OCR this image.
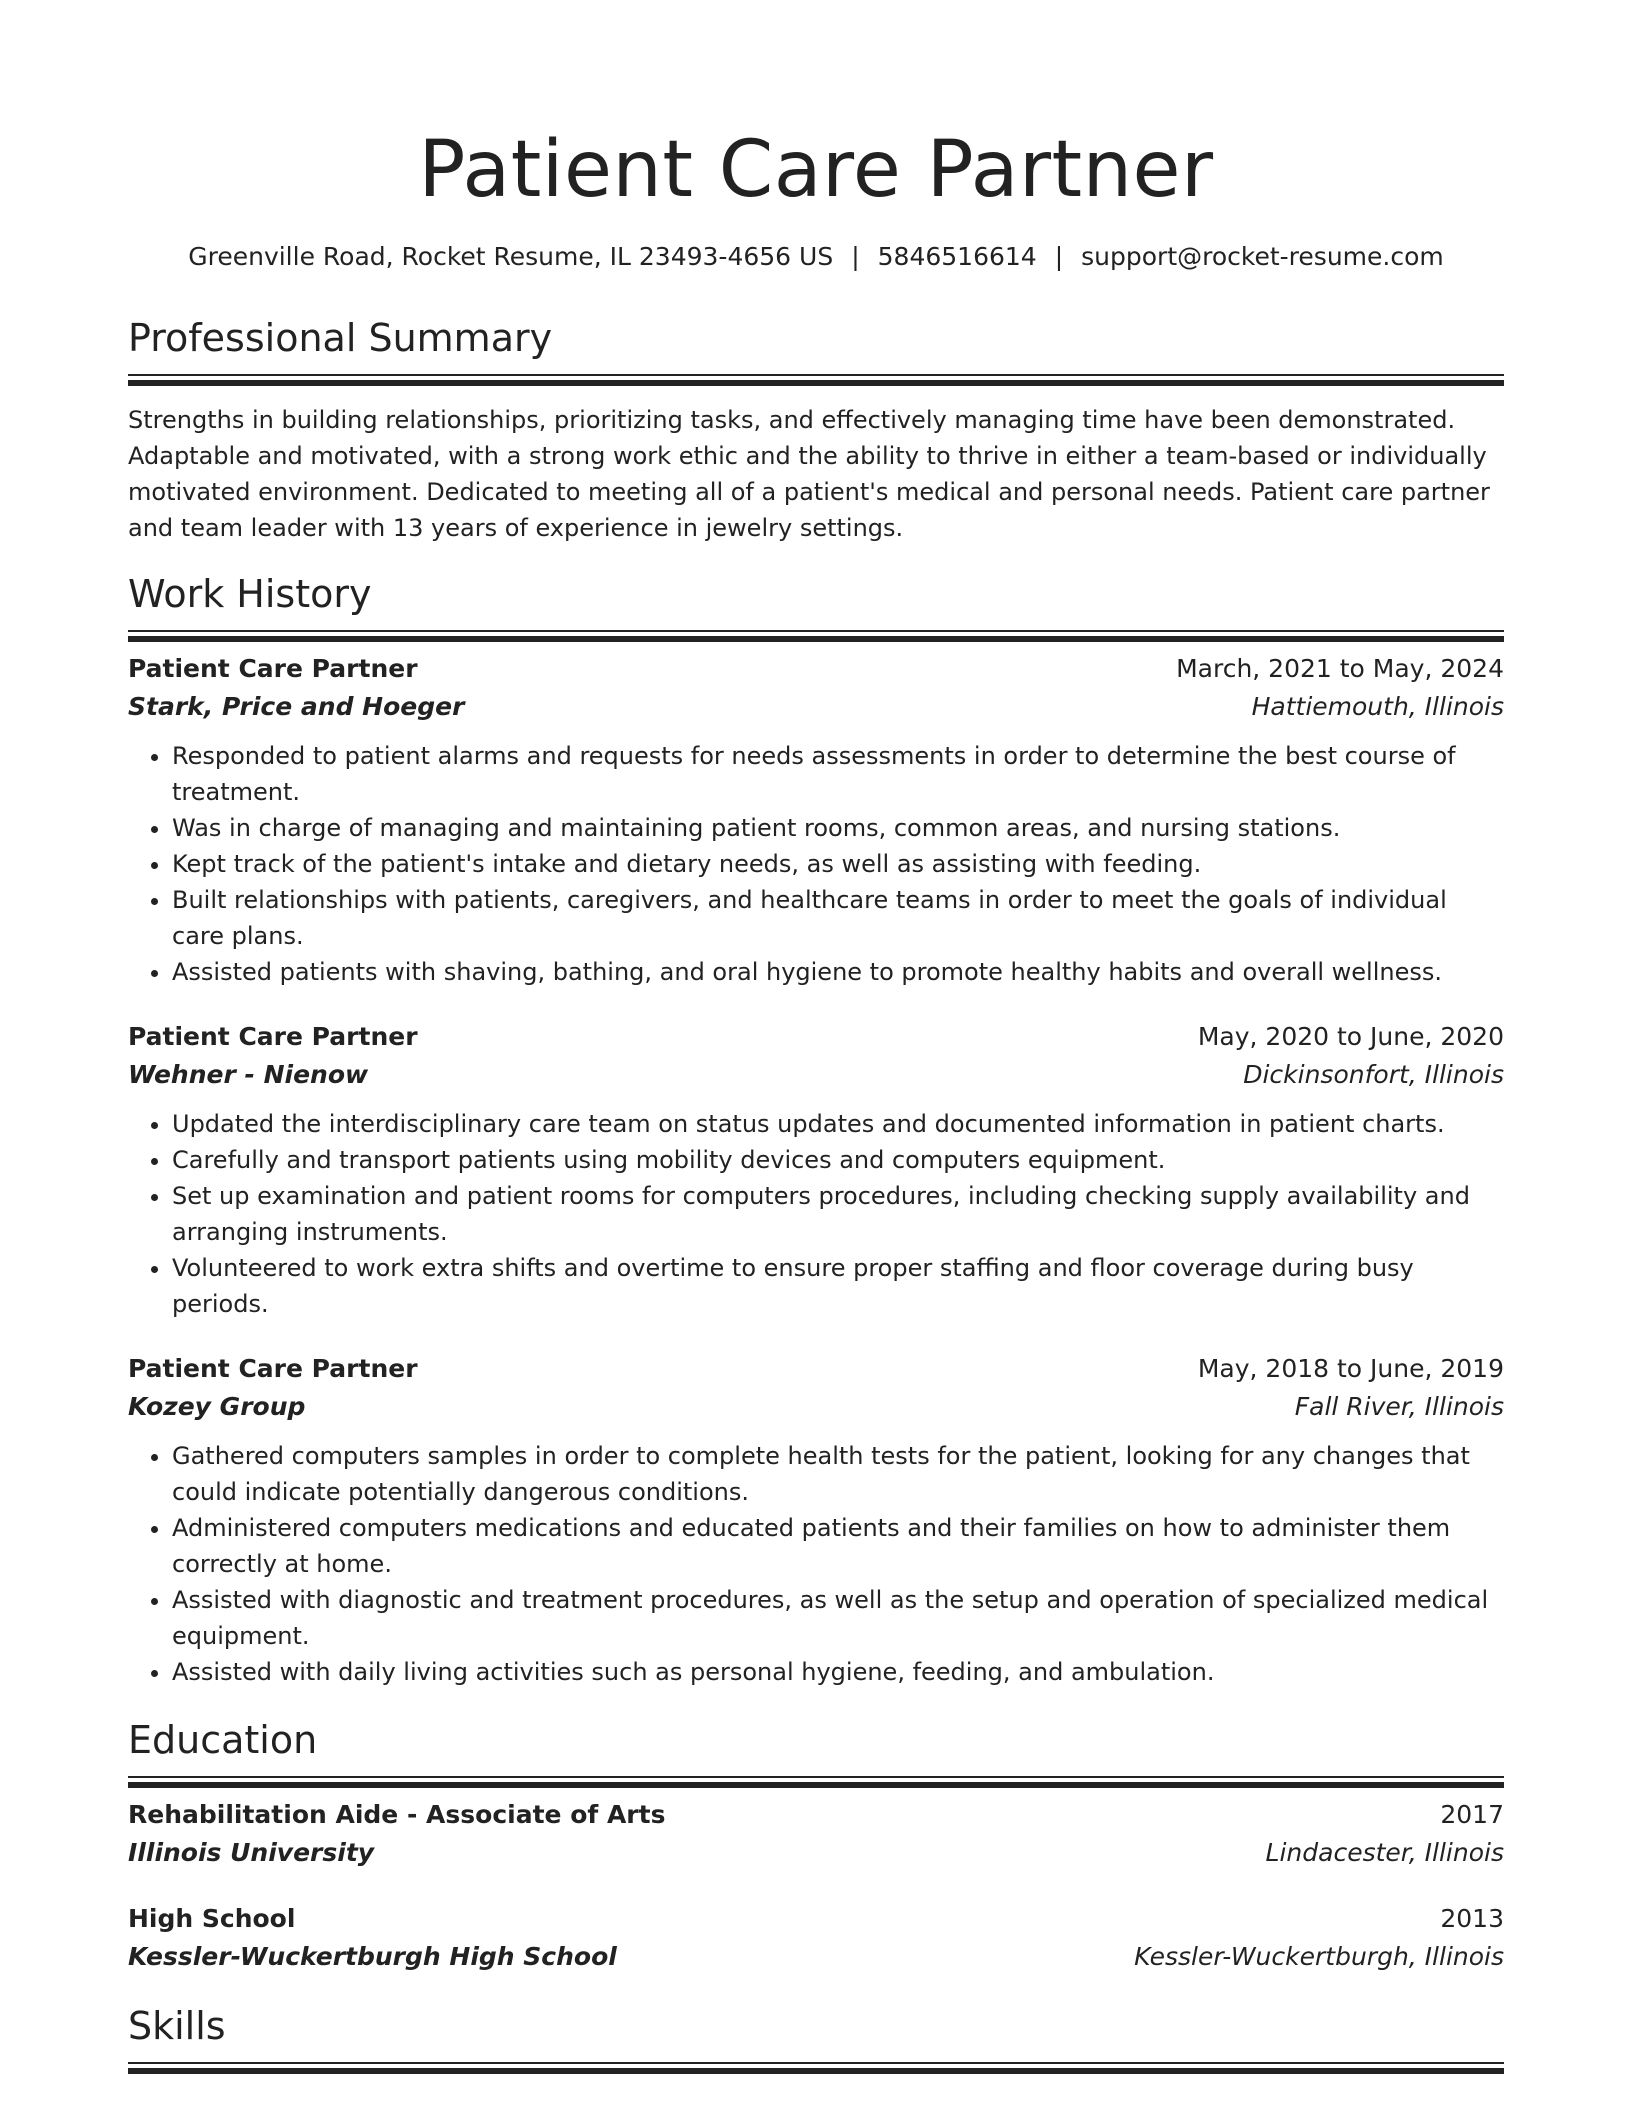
Patient Care Partner
Greenville Road, Rocket Resume, IL 23493-4656 US | 5846516614 | support@rocket-resume.com
Professional Summary

Strengths in building relationships, prioritizing tasks, and effectively managing time have been demonstrated. Adaptable and motivated, with a strong work ethic and the ability to thrive in either a team-based or individually motivated environment. Dedicated to meeting all of a patient's medical and personal needs. Patient care partner and team leader with 13 years of experience in jewelry settings.

Work History
Patient Care Partner	March, 2021 to May, 2024
Stark, Price and Hoeger	Hattiemouth, Illinois
• Responded to patient alarms and requests for needs assessments in order to determine the best course of treatment.
• Was in charge of managing and maintaining patient rooms, common areas, and nursing stations.
• Kept track of the patient's intake and dietary needs, as well as assisting with feeding.
• Built relationships with patients, caregivers, and healthcare teams in order to meet the goals of individual care plans.
• Assisted patients with shaving, bathing, and oral hygiene to promote healthy habits and overall wellness.
Patient Care Partner	May, 2020 to June, 2020
Wehner - Nienow	Dickinsonfort, Illinois
• Updated the interdisciplinary care team on status updates and documented information in patient charts.
• Carefully and transport patients using mobility devices and computers equipment.
• Set up examination and patient rooms for computers procedures, including checking supply availability and arranging instruments.
• Volunteered to work extra shifts and overtime to ensure proper staffing and floor coverage during busy periods.
Patient Care Partner	May, 2018 to June, 2019
Kozey Group	Fall River, Illinois
• Gathered computers samples in order to complete health tests for the patient, looking for any changes that could indicate potentially dangerous conditions.
• Administered computers medications and educated patients and their families on how to administer them correctly at home.
• Assisted with diagnostic and treatment procedures, as well as the setup and operation of specialized medical equipment.
• Assisted with daily living activities such as personal hygiene, feeding, and ambulation.
Education
Rehabilitation Aide - Associate of Arts	2017
Illinois University	Lindacester, Illinois
High School	2013
Kessler-Wuckertburgh High School	Kessler-Wuckertburgh, Illinois
Skills
